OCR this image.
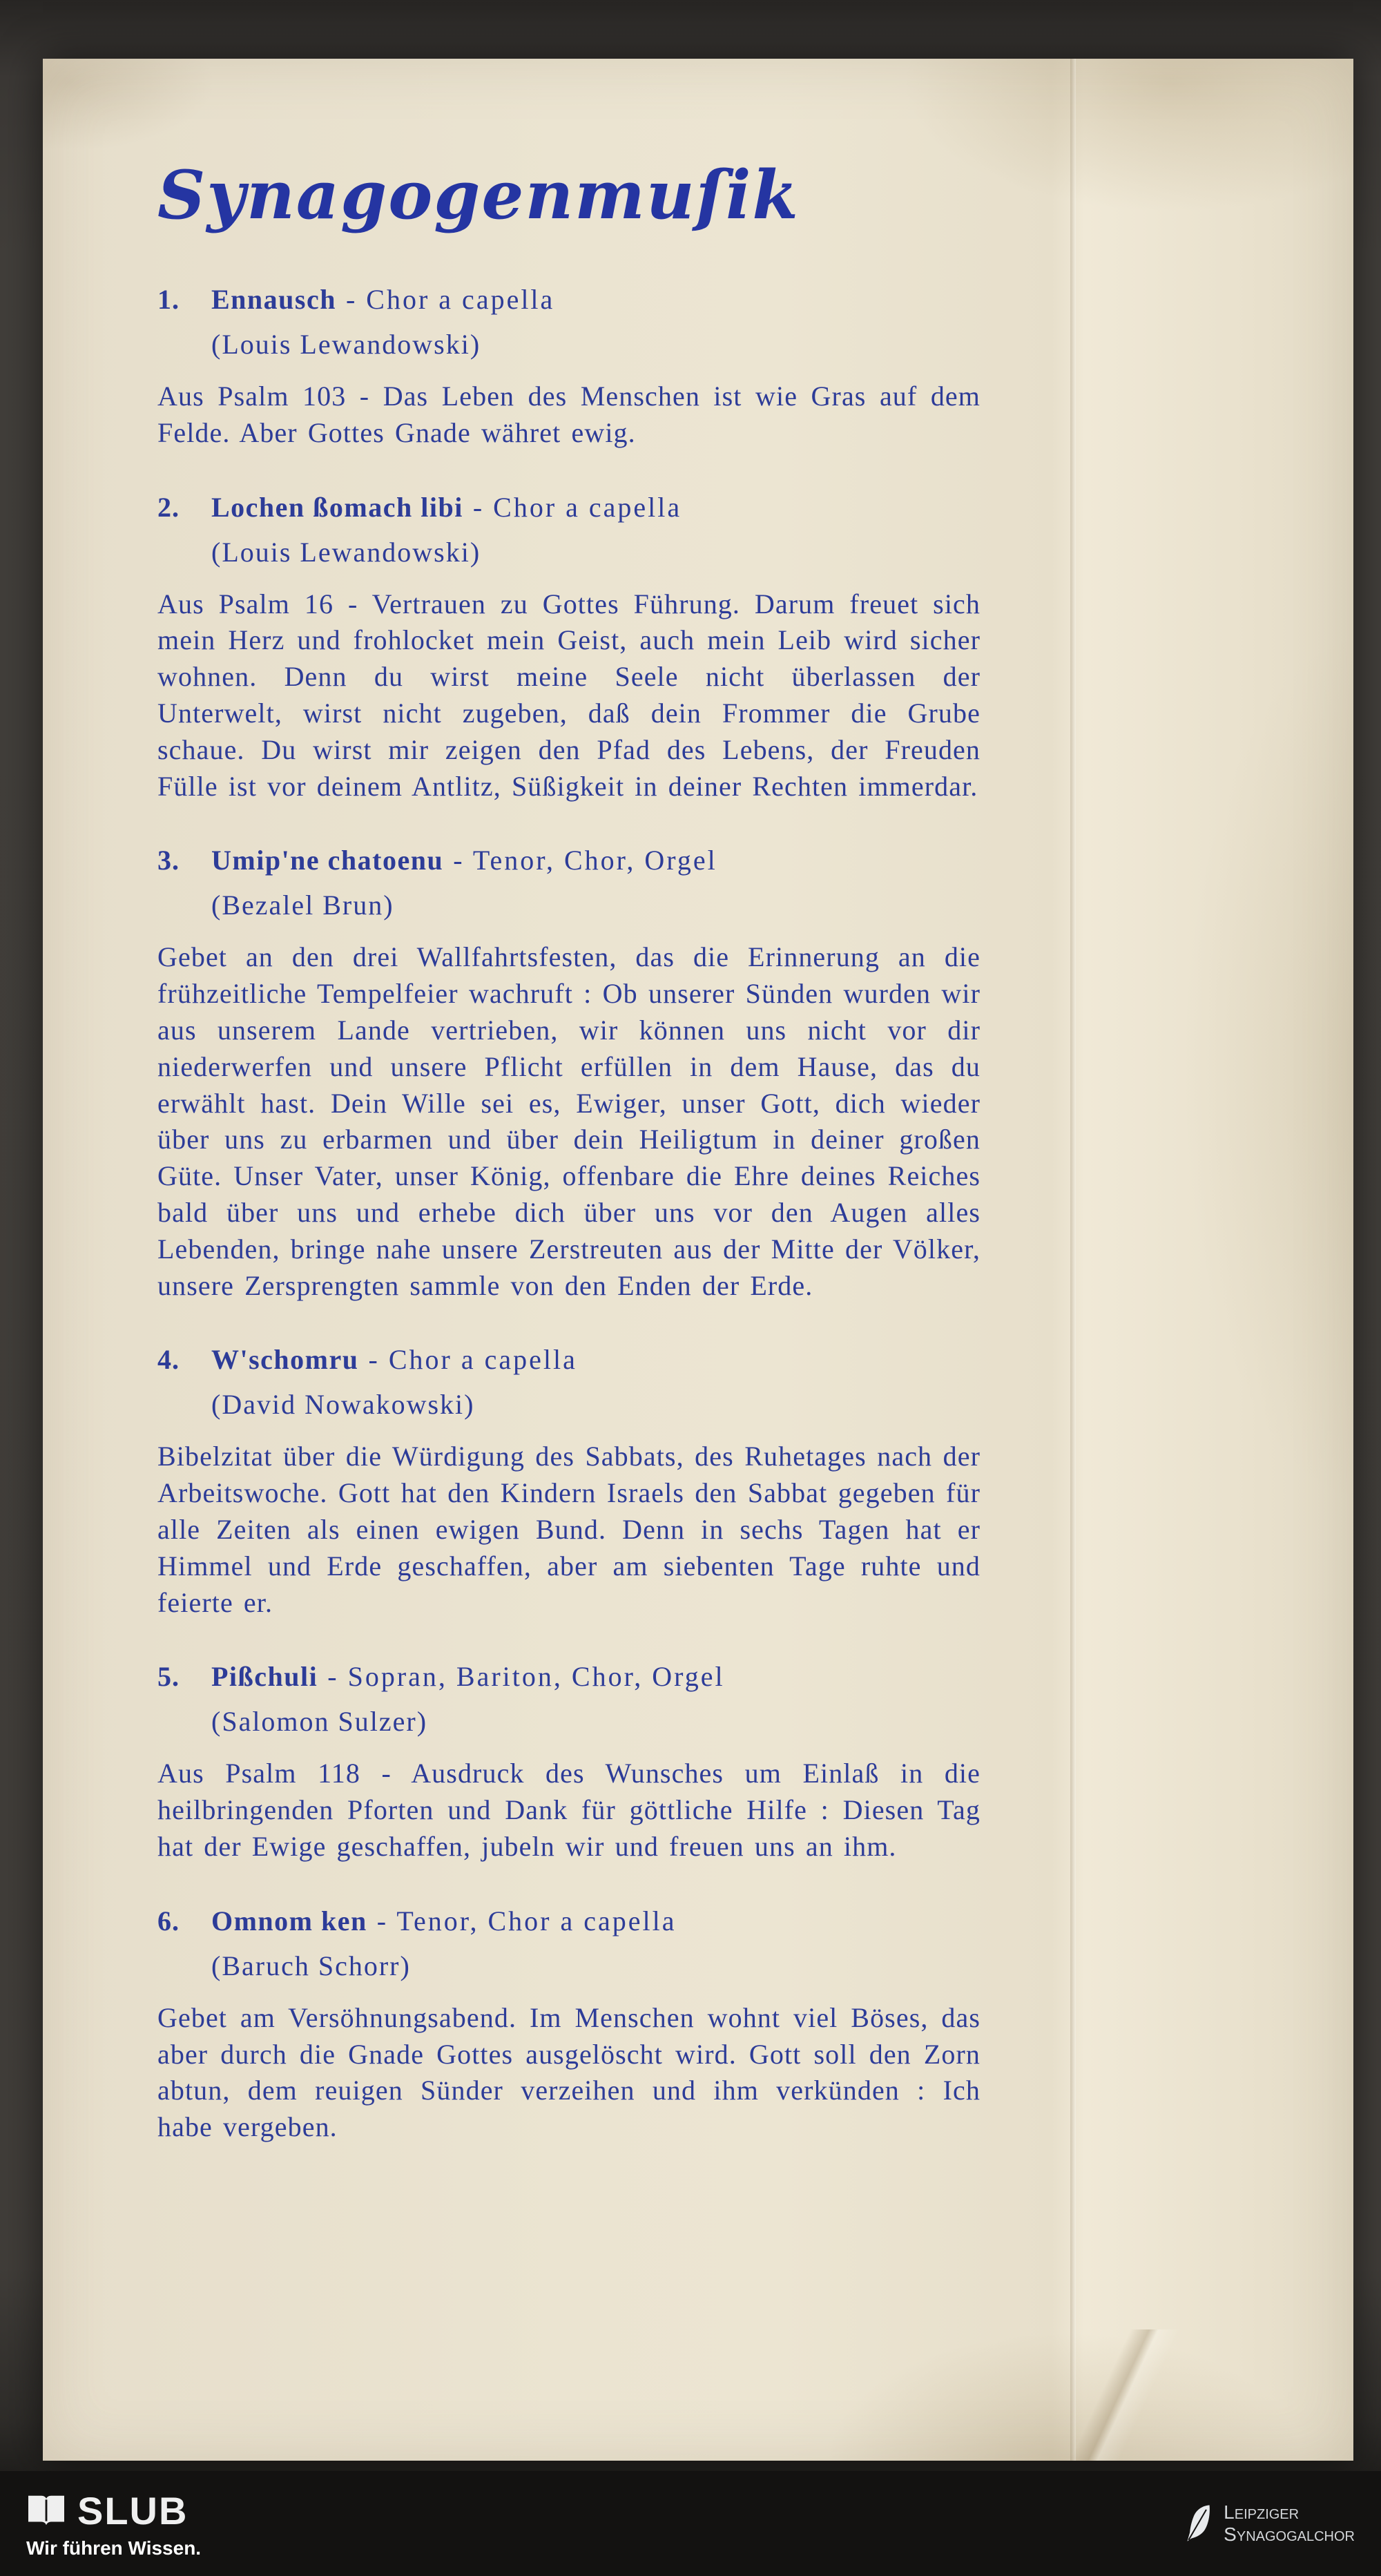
Synagogenmuſik
1.	Ennausch - Chor a capella
(Louis Lewandowski)

Aus Psalm 103 - Das Leben des Menschen ist wie Gras auf dem Felde. Aber Gottes Gnade währet ewig.

2.	Lochen ßomach libi - Chor a capella
(Louis Lewandowski)

Aus Psalm 16 - Vertrauen zu Gottes Führung. Darum freuet sich mein Herz und frohlocket mein Geist, auch mein Leib wird sicher wohnen. Denn du wirst meine Seele nicht überlassen der Unterwelt, wirst nicht zugeben, daß dein Frommer die Grube schaue. Du wirst mir zeigen den Pfad des Lebens, der Freuden Fülle ist vor deinem Antlitz, Süßigkeit in deiner Rechten immerdar.

3.	Umip'ne chatoenu - Tenor, Chor, Orgel
(Bezalel Brun)

Gebet an den drei Wallfahrtsfesten, das die Erinnerung an die frühzeitliche Tempelfeier wachruft : Ob unserer Sünden wurden wir aus unserem Lande vertrieben, wir können uns nicht vor dir niederwerfen und unsere Pflicht erfüllen in dem Hause, das du erwählt hast. Dein Wille sei es, Ewiger, unser Gott, dich wieder über uns zu erbarmen und über dein Heiligtum in deiner großen Güte. Unser Vater, unser König, offenbare die Ehre deines Reiches bald über uns und erhebe dich über uns vor den Augen alles Lebenden, bringe nahe unsere Zerstreuten aus der Mitte der Völker, unsere Zersprengten sammle von den Enden der Erde.

4.	W'schomru - Chor a capella
(David Nowakowski)

Bibelzitat über die Würdigung des Sabbats, des Ruhetages nach der Arbeitswoche. Gott hat den Kindern Israels den Sabbat gegeben für alle Zeiten als einen ewigen Bund. Denn in sechs Tagen hat er Himmel und Erde geschaffen, aber am siebenten Tage ruhte und feierte er.

5.	Pißchuli - Sopran, Bariton, Chor, Orgel
(Salomon Sulzer)

Aus Psalm 118 - Ausdruck des Wunsches um Einlaß in die heilbringenden Pforten und Dank für göttliche Hilfe : Diesen Tag hat der Ewige geschaffen, jubeln wir und freuen uns an ihm.

6.	Omnom ken - Tenor, Chor a capella
(Baruch Schorr)

Gebet am Versöhnungsabend. Im Menschen wohnt viel Böses, das aber durch die Gnade Gottes ausgelöscht wird. Gott soll den Zorn abtun, dem reuigen Sünder verzeihen und ihm verkünden : Ich habe vergeben.

SLUB
Wir führen Wissen.
Leipziger
Synagogalchor
